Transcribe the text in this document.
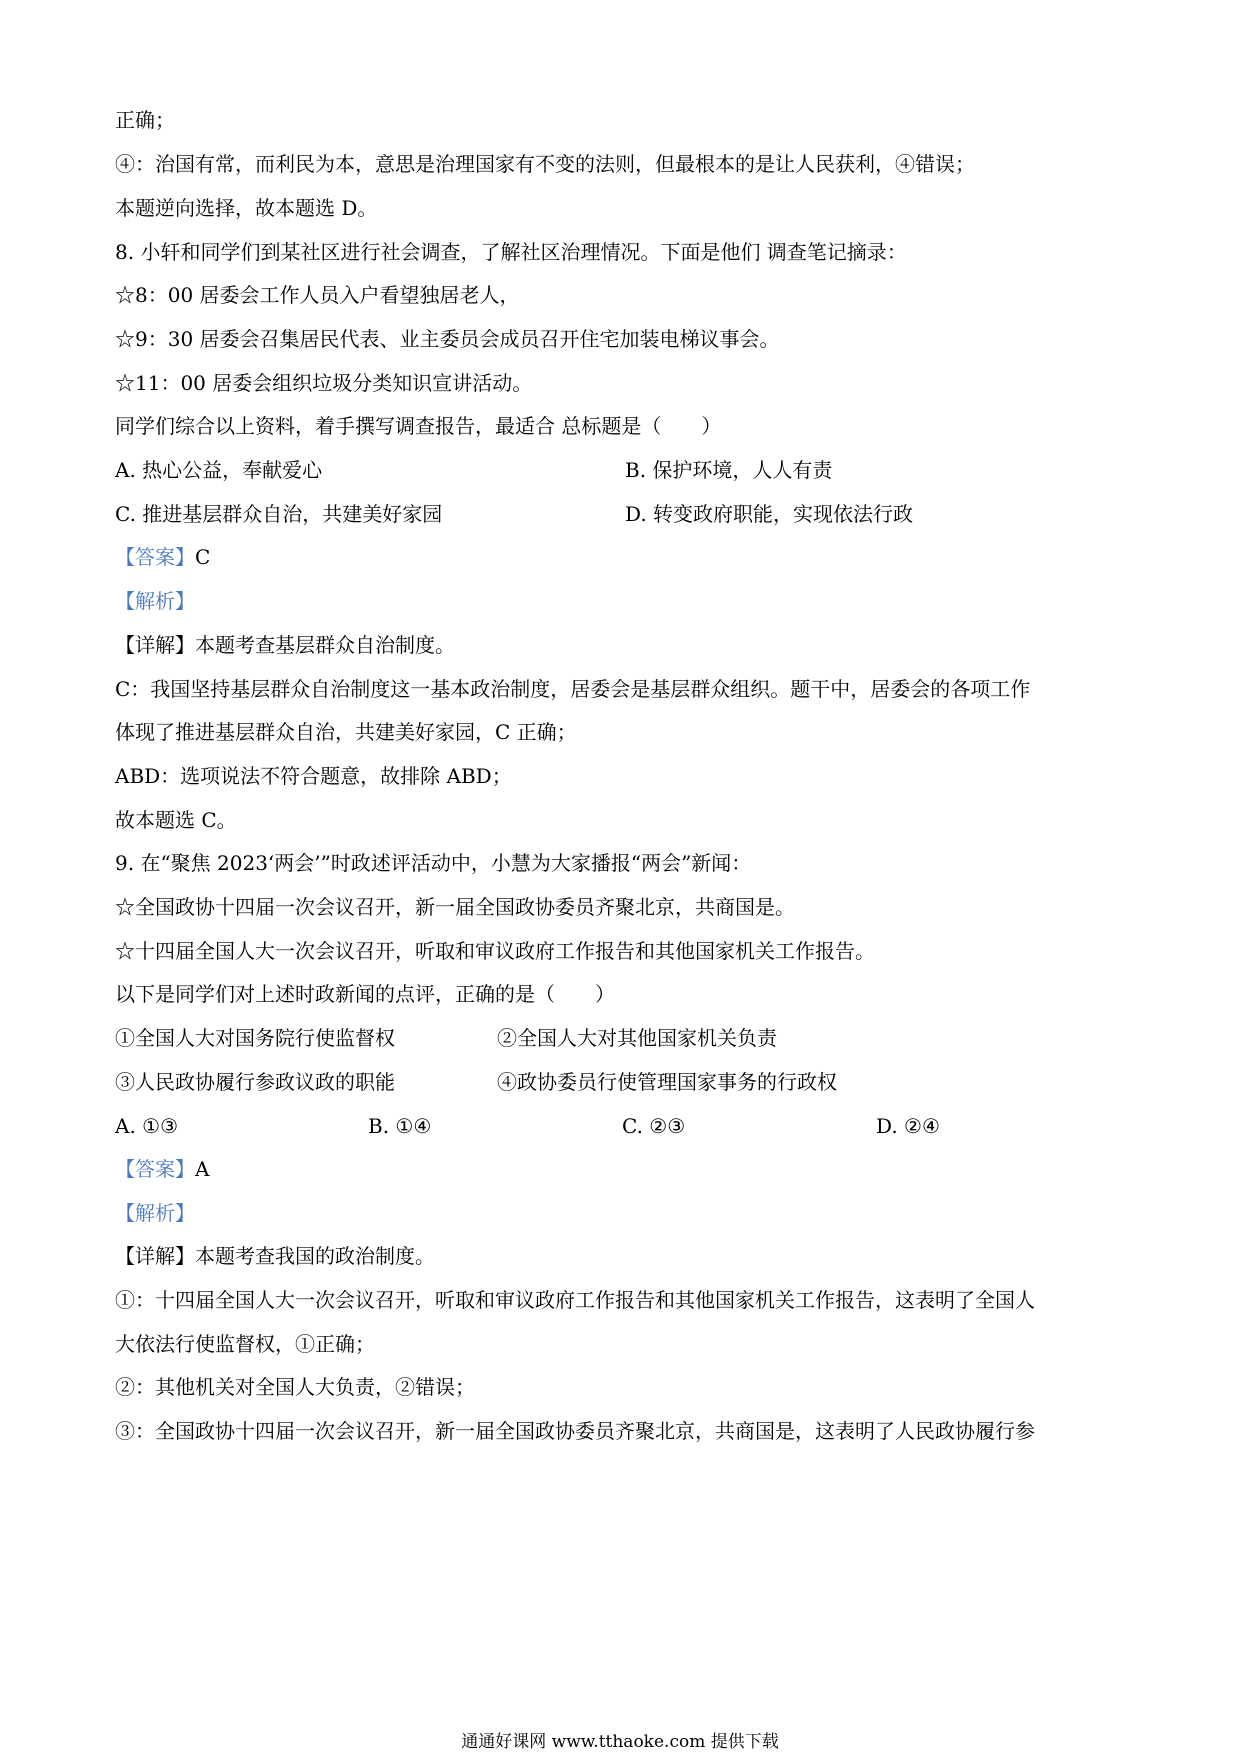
正确；
④：治国有常，而利民为本，意思是治理国家有不变的法则，但最根本的是让人民获利，④错误；
本题逆向选择，故本题选 D。
8. 小轩和同学们到某社区进行社会调查，了解社区治理情况。下面是他们 调查笔记摘录：
☆8：00 居委会工作人员入户看望独居老人，
☆9：30 居委会召集居民代表、业主委员会成员召开住宅加装电梯议事会。
☆11：00 居委会组织垃圾分类知识宣讲活动。
同学们综合以上资料，着手撰写调查报告，最适合 总标题是（　　）
A. 热心公益，奉献爱心	B. 保护环境，人人有责
C. 推进基层群众自治，共建美好家园	D. 转变政府职能，实现依法行政
【答案】C
【解析】
【详解】本题考查基层群众自治制度。
C：我国坚持基层群众自治制度这一基本政治制度，居委会是基层群众组织。题干中，居委会的各项工作
体现了推进基层群众自治，共建美好家园，C 正确；
ABD：选项说法不符合题意，故排除 ABD；
故本题选 C。
9. 在“聚焦 2023‘两会’”时政述评活动中，小慧为大家播报“两会”新闻：
☆全国政协十四届一次会议召开，新一届全国政协委员齐聚北京，共商国是。
☆十四届全国人大一次会议召开，听取和审议政府工作报告和其他国家机关工作报告。
以下是同学们对上述时政新闻的点评，正确的是（　　）
①全国人大对国务院行使监督权	②全国人大对其他国家机关负责
③人民政协履行参政议政的职能	④政协委员行使管理国家事务的行政权
A. ①③	B. ①④	C. ②③	D. ②④
【答案】A
【解析】
【详解】本题考查我国的政治制度。
①：十四届全国人大一次会议召开，听取和审议政府工作报告和其他国家机关工作报告，这表明了全国人
大依法行使监督权，①正确；
②：其他机关对全国人大负责，②错误；
③：全国政协十四届一次会议召开，新一届全国政协委员齐聚北京，共商国是，这表明了人民政协履行参
通通好课网 www.tthaoke.com 提供下载
